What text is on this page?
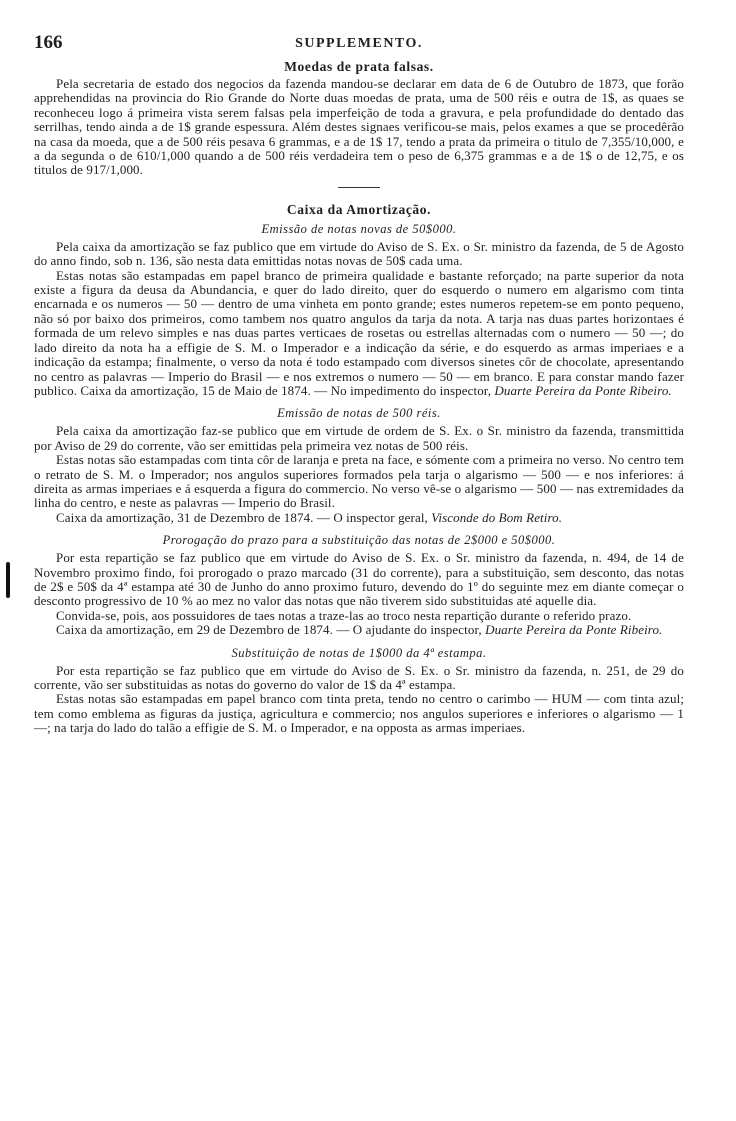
166	SUPPLEMENTO.
Moedas de prata falsas.

Pela secretaria de estado dos negocios da fazenda mandou-se declarar em data de 6 de Outubro de 1873, que forão apprehendidas na provincia do Rio Grande do Norte duas moedas de prata, uma de 500 réis e outra de 1$, as quaes se reconheceu logo á primeira vista serem falsas pela imperfeição de toda a gravura, e pela profundidade do dentado das serrilhas, tendo ainda a de 1$ grande espessura. Além destes signaes verificou-se mais, pelos exames a que se procedêrão na casa da moeda, que a de 500 réis pesava 6 grammas, e a de 1$ 17, tendo a prata da primeira o titulo de 7,355/10,000, e a da segunda o de 610/1,000 quando a de 500 réis verdadeira tem o peso de 6,375 grammas e a de 1$ o de 12,75, e os titulos de 917/1,000.

Caixa da Amortização.
Emissão de notas novas de 50$000.

Pela caixa da amortização se faz publico que em virtude do Aviso de S. Ex. o Sr. ministro da fazenda, de 5 de Agosto do anno findo, sob n. 136, são nesta data emittidas notas novas de 50$ cada uma.

Estas notas são estampadas em papel branco de primeira qualidade e bastante reforçado; na parte superior da nota existe a figura da deusa da Abundancia, e quer do lado direito, quer do esquerdo o numero em algarismo com tinta encarnada e os numeros — 50 — dentro de uma vinheta em ponto grande; estes numeros repetem-se em ponto pequeno, não só por baixo dos primeiros, como tambem nos quatro angulos da tarja da nota. A tarja nas duas partes horizontaes é formada de um relevo simples e nas duas partes verticaes de rosetas ou estrellas alternadas com o numero — 50 —; do lado direito da nota ha a effigie de S. M. o Imperador e a indicação da série, e do esquerdo as armas imperiaes e a indicação da estampa; finalmente, o verso da nota é todo estampado com diversos sinetes côr de chocolate, apresentando no centro as palavras — Imperio do Brasil — e nos extremos o numero — 50 — em branco. E para constar mando fazer publico. Caixa da amortização, 15 de Maio de 1874. — No impedimento do inspector, Duarte Pereira da Ponte Ribeiro.

Emissão de notas de 500 réis.

Pela caixa da amortização faz-se publico que em virtude de ordem de S. Ex. o Sr. ministro da fazenda, transmittida por Aviso de 29 do corrente, vão ser emittidas pela primeira vez notas de 500 réis.

Estas notas são estampadas com tinta côr de laranja e preta na face, e sómente com a primeira no verso. No centro tem o retrato de S. M. o Imperador; nos angulos superiores formados pela tarja o algarismo — 500 — e nos inferiores: á direita as armas imperiaes e á esquerda a figura do commercio. No verso vê-se o algarismo — 500 — nas extremidades da linha do centro, e neste as palavras — Imperio do Brasil.

Caixa da amortização, 31 de Dezembro de 1874. — O inspector geral, Visconde do Bom Retiro.

Prorogação do prazo para a substituição das notas de 2$000 e 50$000.

Por esta repartição se faz publico que em virtude do Aviso de S. Ex. o Sr. ministro da fazenda, n. 494, de 14 de Novembro proximo findo, foi prorogado o prazo marcado (31 do corrente), para a substituição, sem desconto, das notas de 2$ e 50$ da 4ª estampa até 30 de Junho do anno proximo futuro, devendo do 1º do seguinte mez em diante começar o desconto progressivo de 10 % ao mez no valor das notas que não tiverem sido substituidas até aquelle dia.

Convida-se, pois, aos possuidores de taes notas a traze-las ao troco nesta repartição durante o referido prazo.

Caixa da amortização, em 29 de Dezembro de 1874. — O ajudante do inspector, Duarte Pereira da Ponte Ribeiro.

Substituição de notas de 1$000 da 4ª estampa.

Por esta repartição se faz publico que em virtude do Aviso de S. Ex. o Sr. ministro da fazenda, n. 251, de 29 do corrente, vão ser substituidas as notas do governo do valor de 1$ da 4ª estampa.

Estas notas são estampadas em papel branco com tinta preta, tendo no centro o carimbo — HUM — com tinta azul; tem como emblema as figuras da justiça, agricultura e commercio; nos angulos superiores e inferiores o algarismo — 1 —; na tarja do lado do talão a effigie de S. M. o Imperador, e na opposta as armas imperiaes.
